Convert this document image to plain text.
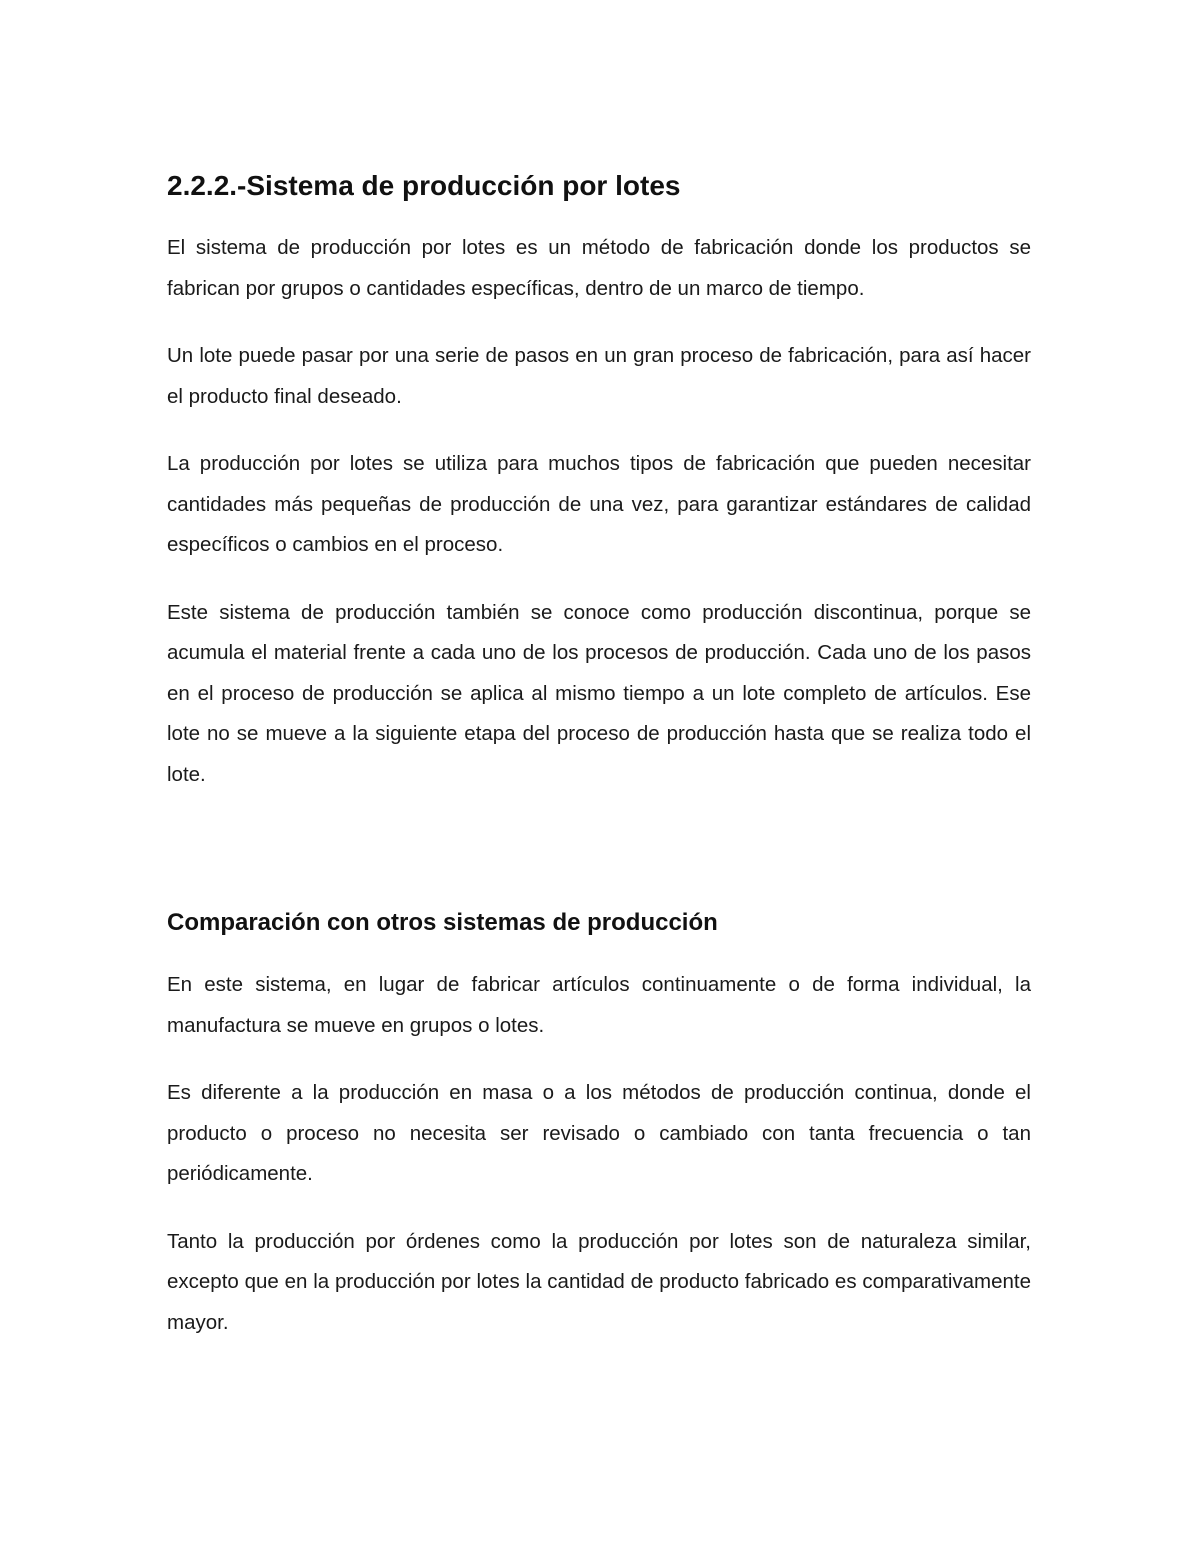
2.2.2.-Sistema de producción por lotes

El sistema de producción por lotes es un método de fabricación donde los productos se fabrican por grupos o cantidades específicas, dentro de un marco de tiempo.

Un lote puede pasar por una serie de pasos en un gran proceso de fabricación, para así hacer el producto final deseado.

La producción por lotes se utiliza para muchos tipos de fabricación que pueden necesitar cantidades más pequeñas de producción de una vez, para garantizar estándares de calidad específicos o cambios en el proceso.

Este sistema de producción también se conoce como producción discontinua, porque se acumula el material frente a cada uno de los procesos de producción. Cada uno de los pasos en el proceso de producción se aplica al mismo tiempo a un lote completo de artículos. Ese lote no se mueve a la siguiente etapa del proceso de producción hasta que se realiza todo el lote.

Comparación con otros sistemas de producción

En este sistema, en lugar de fabricar artículos continuamente o de forma individual, la manufactura se mueve en grupos o lotes.

Es diferente a la producción en masa o a los métodos de producción continua, donde el producto o proceso no necesita ser revisado o cambiado con tanta frecuencia o tan periódicamente.

Tanto la producción por órdenes como la producción por lotes son de naturaleza similar, excepto que en la producción por lotes la cantidad de producto fabricado es comparativamente mayor.
